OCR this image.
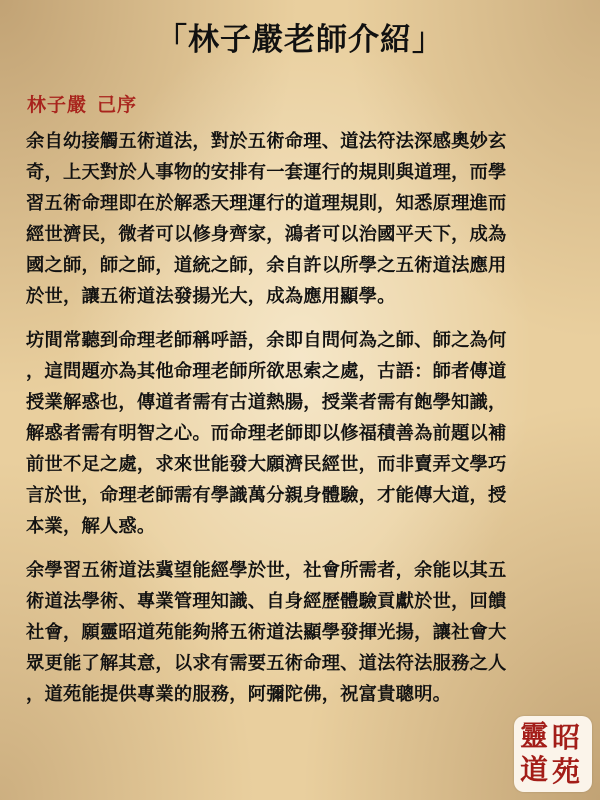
「林子嚴老師介紹」
林子嚴 己序
余自幼接觸五術道法，對於五術命理、道法符法深感奧妙玄
奇，上天對於人事物的安排有一套運行的規則與道理，而學
習五術命理即在於解悉天理運行的道理規則，知悉原理進而
經世濟民，微者可以修身齊家，鴻者可以治國平天下，成為
國之師，師之師，道統之師，余自許以所學之五術道法應用
於世，讓五術道法發揚光大，成為應用顯學。
坊間常聽到命理老師稱呼語，余即自問何為之師、師之為何
，這問題亦為其他命理老師所欲思索之處，古語：師者傳道
授業解惑也，傳道者需有古道熱腸，授業者需有飽學知識，
解惑者需有明智之心。而命理老師即以修福積善為前題以補
前世不足之處，求來世能發大願濟民經世，而非賣弄文學巧
言於世，命理老師需有學識萬分親身體驗，才能傳大道，授
本業，解人惑。
余學習五術道法冀望能經學於世，社會所需者，余能以其五
術道法學術、專業管理知識、自身經歷體驗貢獻於世，回饋
社會，願靈昭道苑能夠將五術道法顯學發揮光揚，讓社會大
眾更能了解其意，以求有需要五術命理、道法符法服務之人
，道苑能提供專業的服務，阿彌陀佛，祝富貴聰明。
靈 昭
道 苑
